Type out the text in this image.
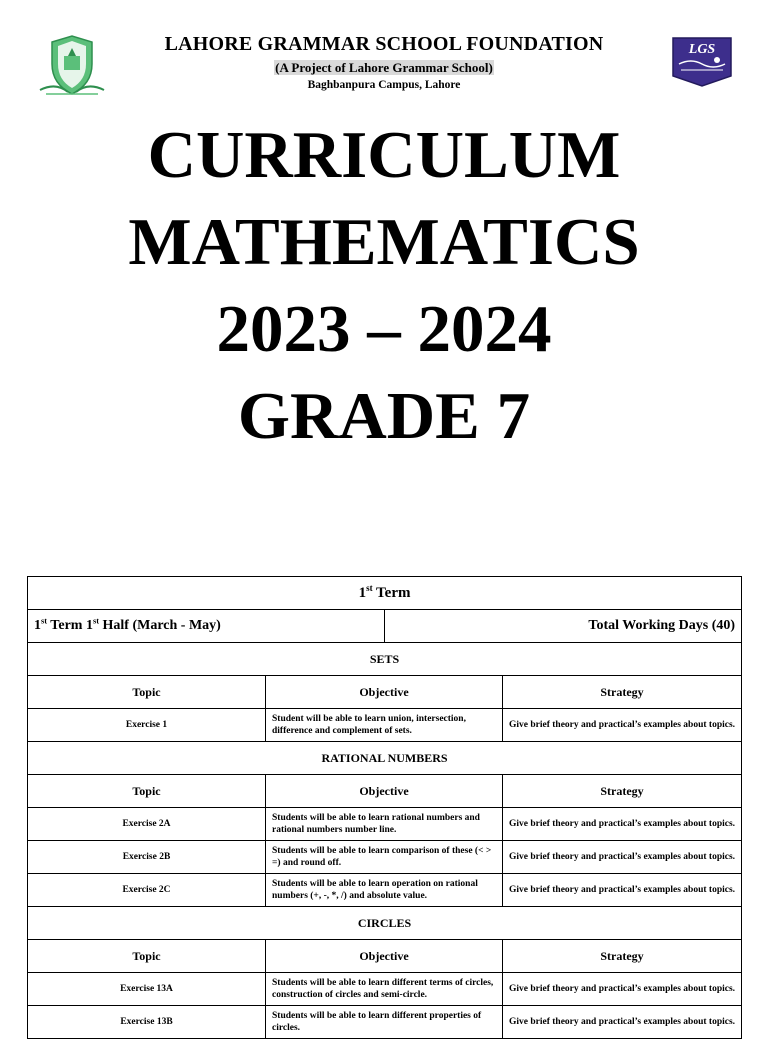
LAHORE GRAMMAR SCHOOL FOUNDATION
(A Project of Lahore Grammar School)
Baghbanpura Campus, Lahore
LGS
CURRICULUM
MATHEMATICS
2023 – 2024
GRADE 7
1st Term			
1st Term 1st Half (March - May)		Total Working Days (40)	
SETS			
Topic	Objective		Strategy
Exercise 1	Student will be able to learn union, intersection, difference and complement of sets.		Give brief theory and practical’s examples about topics.
RATIONAL NUMBERS			
Topic	Objective		Strategy
Exercise 2A	Students will be able to learn rational numbers and rational numbers number line.		Give brief theory and practical’s examples about topics.
Exercise 2B	Students will be able to learn comparison of these (< > =) and round off.		Give brief theory and practical’s examples about topics.
Exercise 2C	Students will be able to learn operation on rational numbers (+, -, *, /) and absolute value.		Give brief theory and practical’s examples about topics.
CIRCLES			
Topic	Objective		Strategy
Exercise 13A	Students will be able to learn different terms of circles, construction of circles and semi-circle.		Give brief theory and practical’s examples about topics.
Exercise 13B	Students will be able to learn different properties of circles.		Give brief theory and practical’s examples about topics.
